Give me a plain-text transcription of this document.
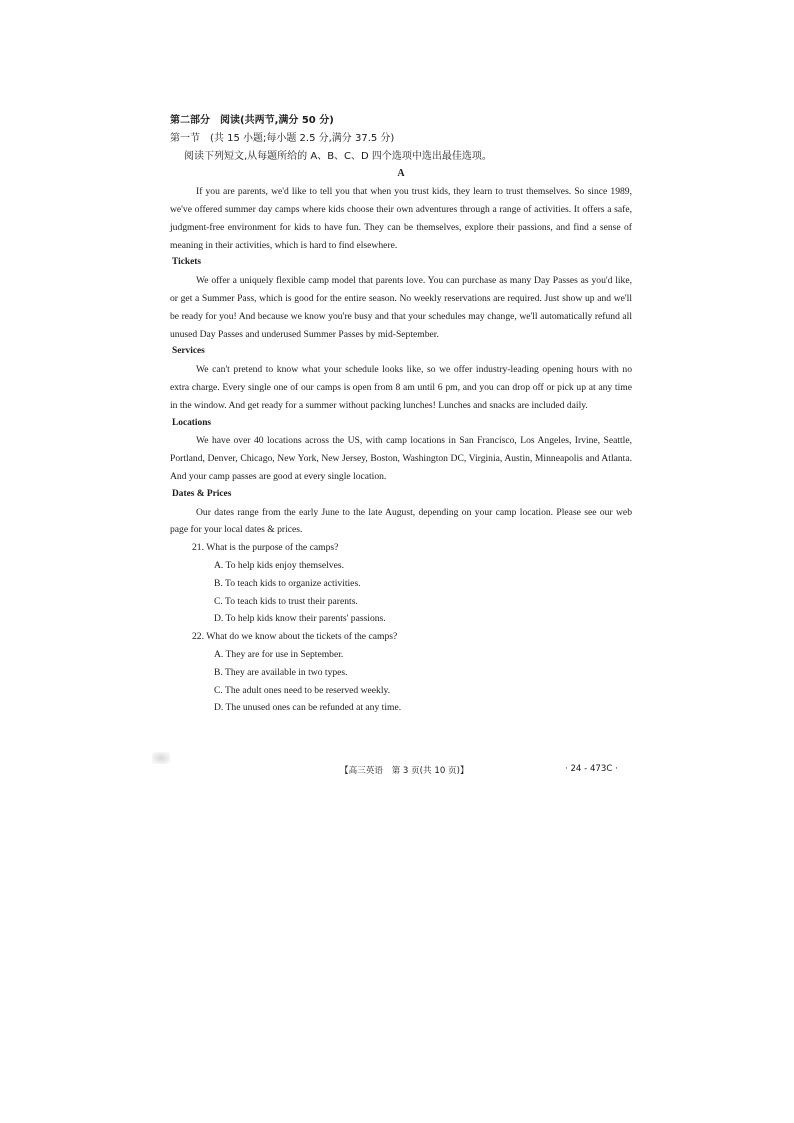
第二部分　阅读(共两节,满分 50 分)

第一节　(共 15 小题;每小题 2.5 分,满分 37.5 分)

阅读下列短文,从每题所给的 A、B、C、D 四个选项中选出最佳选项。

A

If you are parents, we'd like to tell you that when you trust kids, they learn to trust themselves. So since 1989, we've offered summer day camps where kids choose their own adventures through a range of activities. It offers a safe, judgment-free environment for kids to have fun. They can be themselves, explore their passions, and find a sense of meaning in their activities, which is hard to find elsewhere.

Tickets

We offer a uniquely flexible camp model that parents love. You can purchase as many Day Passes as you'd like, or get a Summer Pass, which is good for the entire season. No weekly reservations are required. Just show up and we'll be ready for you! And because we know you're busy and that your schedules may change, we'll automatically refund all unused Day Passes and underused Summer Passes by mid-September.

Services

We can't pretend to know what your schedule looks like, so we offer industry-leading opening hours with no extra charge. Every single one of our camps is open from 8 am until 6 pm, and you can drop off or pick up at any time in the window. And get ready for a summer without packing lunches! Lunches and snacks are included daily.

Locations

We have over 40 locations across the US, with camp locations in San Francisco, Los Angeles, Irvine, Seattle, Portland, Denver, Chicago, New York, New Jersey, Boston, Washington DC, Virginia, Austin, Minneapolis and Atlanta. And your camp passes are good at every single location.

Dates & Prices

Our dates range from the early June to the late August, depending on your camp location. Please see our web page for your local dates & prices.

21. What is the purpose of the camps?

A. To help kids enjoy themselves.

B. To teach kids to organize activities.

C. To teach kids to trust their parents.

D. To help kids know their parents' passions.

22. What do we know about the tickets of the camps?

A. They are for use in September.

B. They are available in two types.

C. The adult ones need to be reserved weekly.

D. The unused ones can be refunded at any time.

【高三英语　第 3 页(共 10 页)】	· 24 - 473C ·
